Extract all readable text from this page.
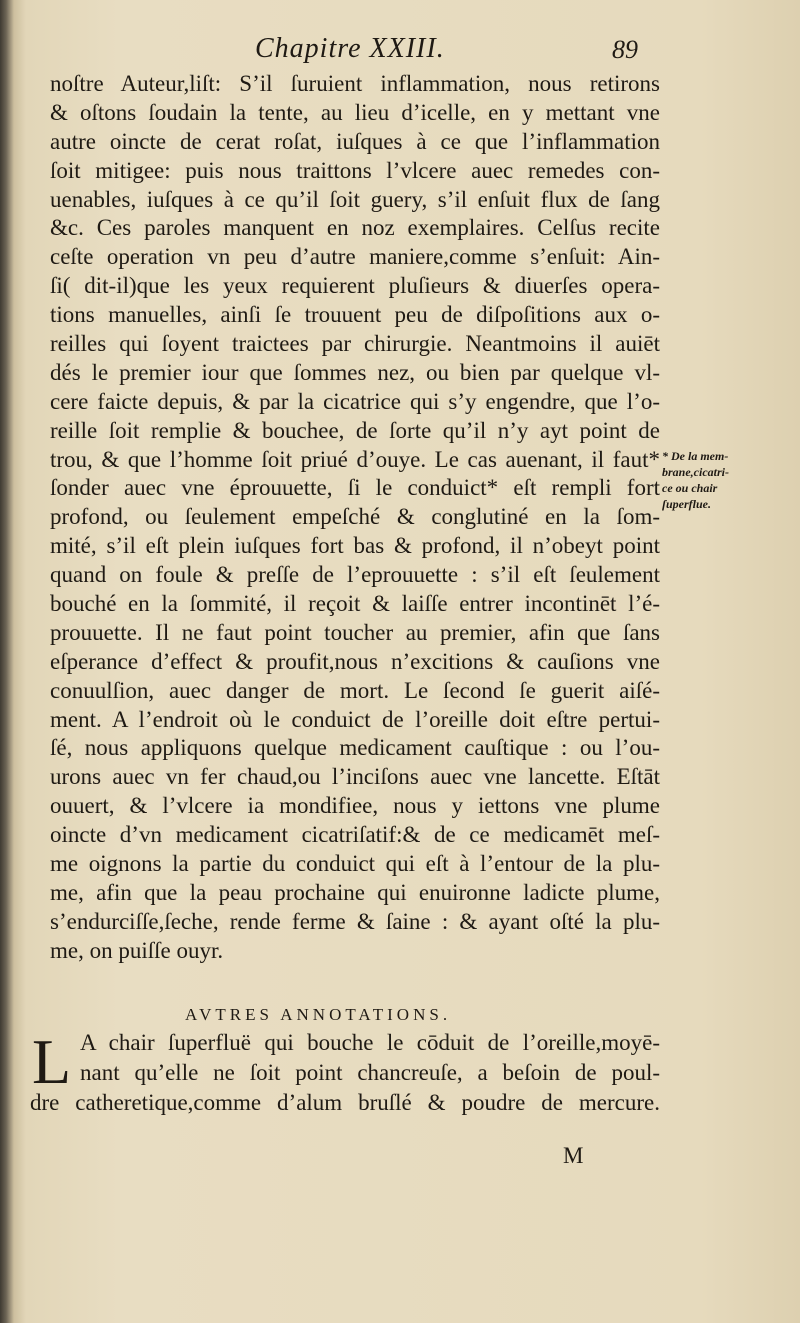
Chapitre XXIII.	89
noſtre Auteur,liſt: S’il ſuruient inflammation, nous retirons
& oſtons ſoudain la tente, au lieu d’icelle, en y mettant vne
autre oincte de cerat roſat, iuſques à ce que l’inflammation
ſoit mitigee: puis nous traittons l’vlcere auec remedes con-
uenables, iuſques à ce qu’il ſoit guery, s’il enſuit flux de ſang
&c. Ces paroles manquent en noz exemplaires. Celſus recite
ceſte operation vn peu d’autre maniere,comme s’enſuit: Ain-
ſi( dit-il)que les yeux requierent pluſieurs & diuerſes opera-
tions manuelles, ainſi ſe trouuent peu de diſpoſitions aux o-
reilles qui ſoyent traictees par chirurgie. Neantmoins il auiēt
dés le premier iour que ſommes nez, ou bien par quelque vl-
cere faicte depuis, & par la cicatrice qui s’y engendre, que l’o-
reille ſoit remplie & bouchee, de ſorte qu’il n’y ayt point de
trou, & que l’homme ſoit priué d’ouye. Le cas auenant, il faut*
ſonder auec vne éprouuette, ſi le conduict* eſt rempli fort
profond, ou ſeulement empeſché & conglutiné en la ſom-
mité, s’il eſt plein iuſques fort bas & profond, il n’obeyt point
quand on foule & preſſe de l’eprouuette : s’il eſt ſeulement
bouché en la ſommité, il reçoit & laiſſe entrer incontinēt l’é-
prouuette. Il ne faut point toucher au premier, afin que ſans
eſperance d’effect & proufit,nous n’excitions & cauſions vne
conuulſion, auec danger de mort. Le ſecond ſe guerit aiſé-
ment. A l’endroit où le conduict de l’oreille doit eſtre pertui-
ſé, nous appliquons quelque medicament cauſtique : ou l’ou-
urons auec vn fer chaud,ou l’inciſons auec vne lancette. Eſtāt
ouuert, & l’vlcere ia mondifiee, nous y iettons vne plume
oincte d’vn medicament cicatriſatif:& de ce medicamēt meſ-
me oignons la partie du conduict qui eſt à l’entour de la plu-
me, afin que la peau prochaine qui enuironne ladicte plume,
s’endurciſſe,ſeche, rende ferme & ſaine : & ayant oſté la plu-
me, on puiſſe ouyr.
* De la mem-
brane,cicatri-
ce ou chair
ſuperflue.
AVTRES ANNOTATIONS.
L A chair ſuperfluë qui bouche le cōduit de l’oreille,moyē-
nant qu’elle ne ſoit point chancreuſe, a beſoin de poul-
dre catheretique,comme d’alum bruſlé & poudre de mercure.
M
